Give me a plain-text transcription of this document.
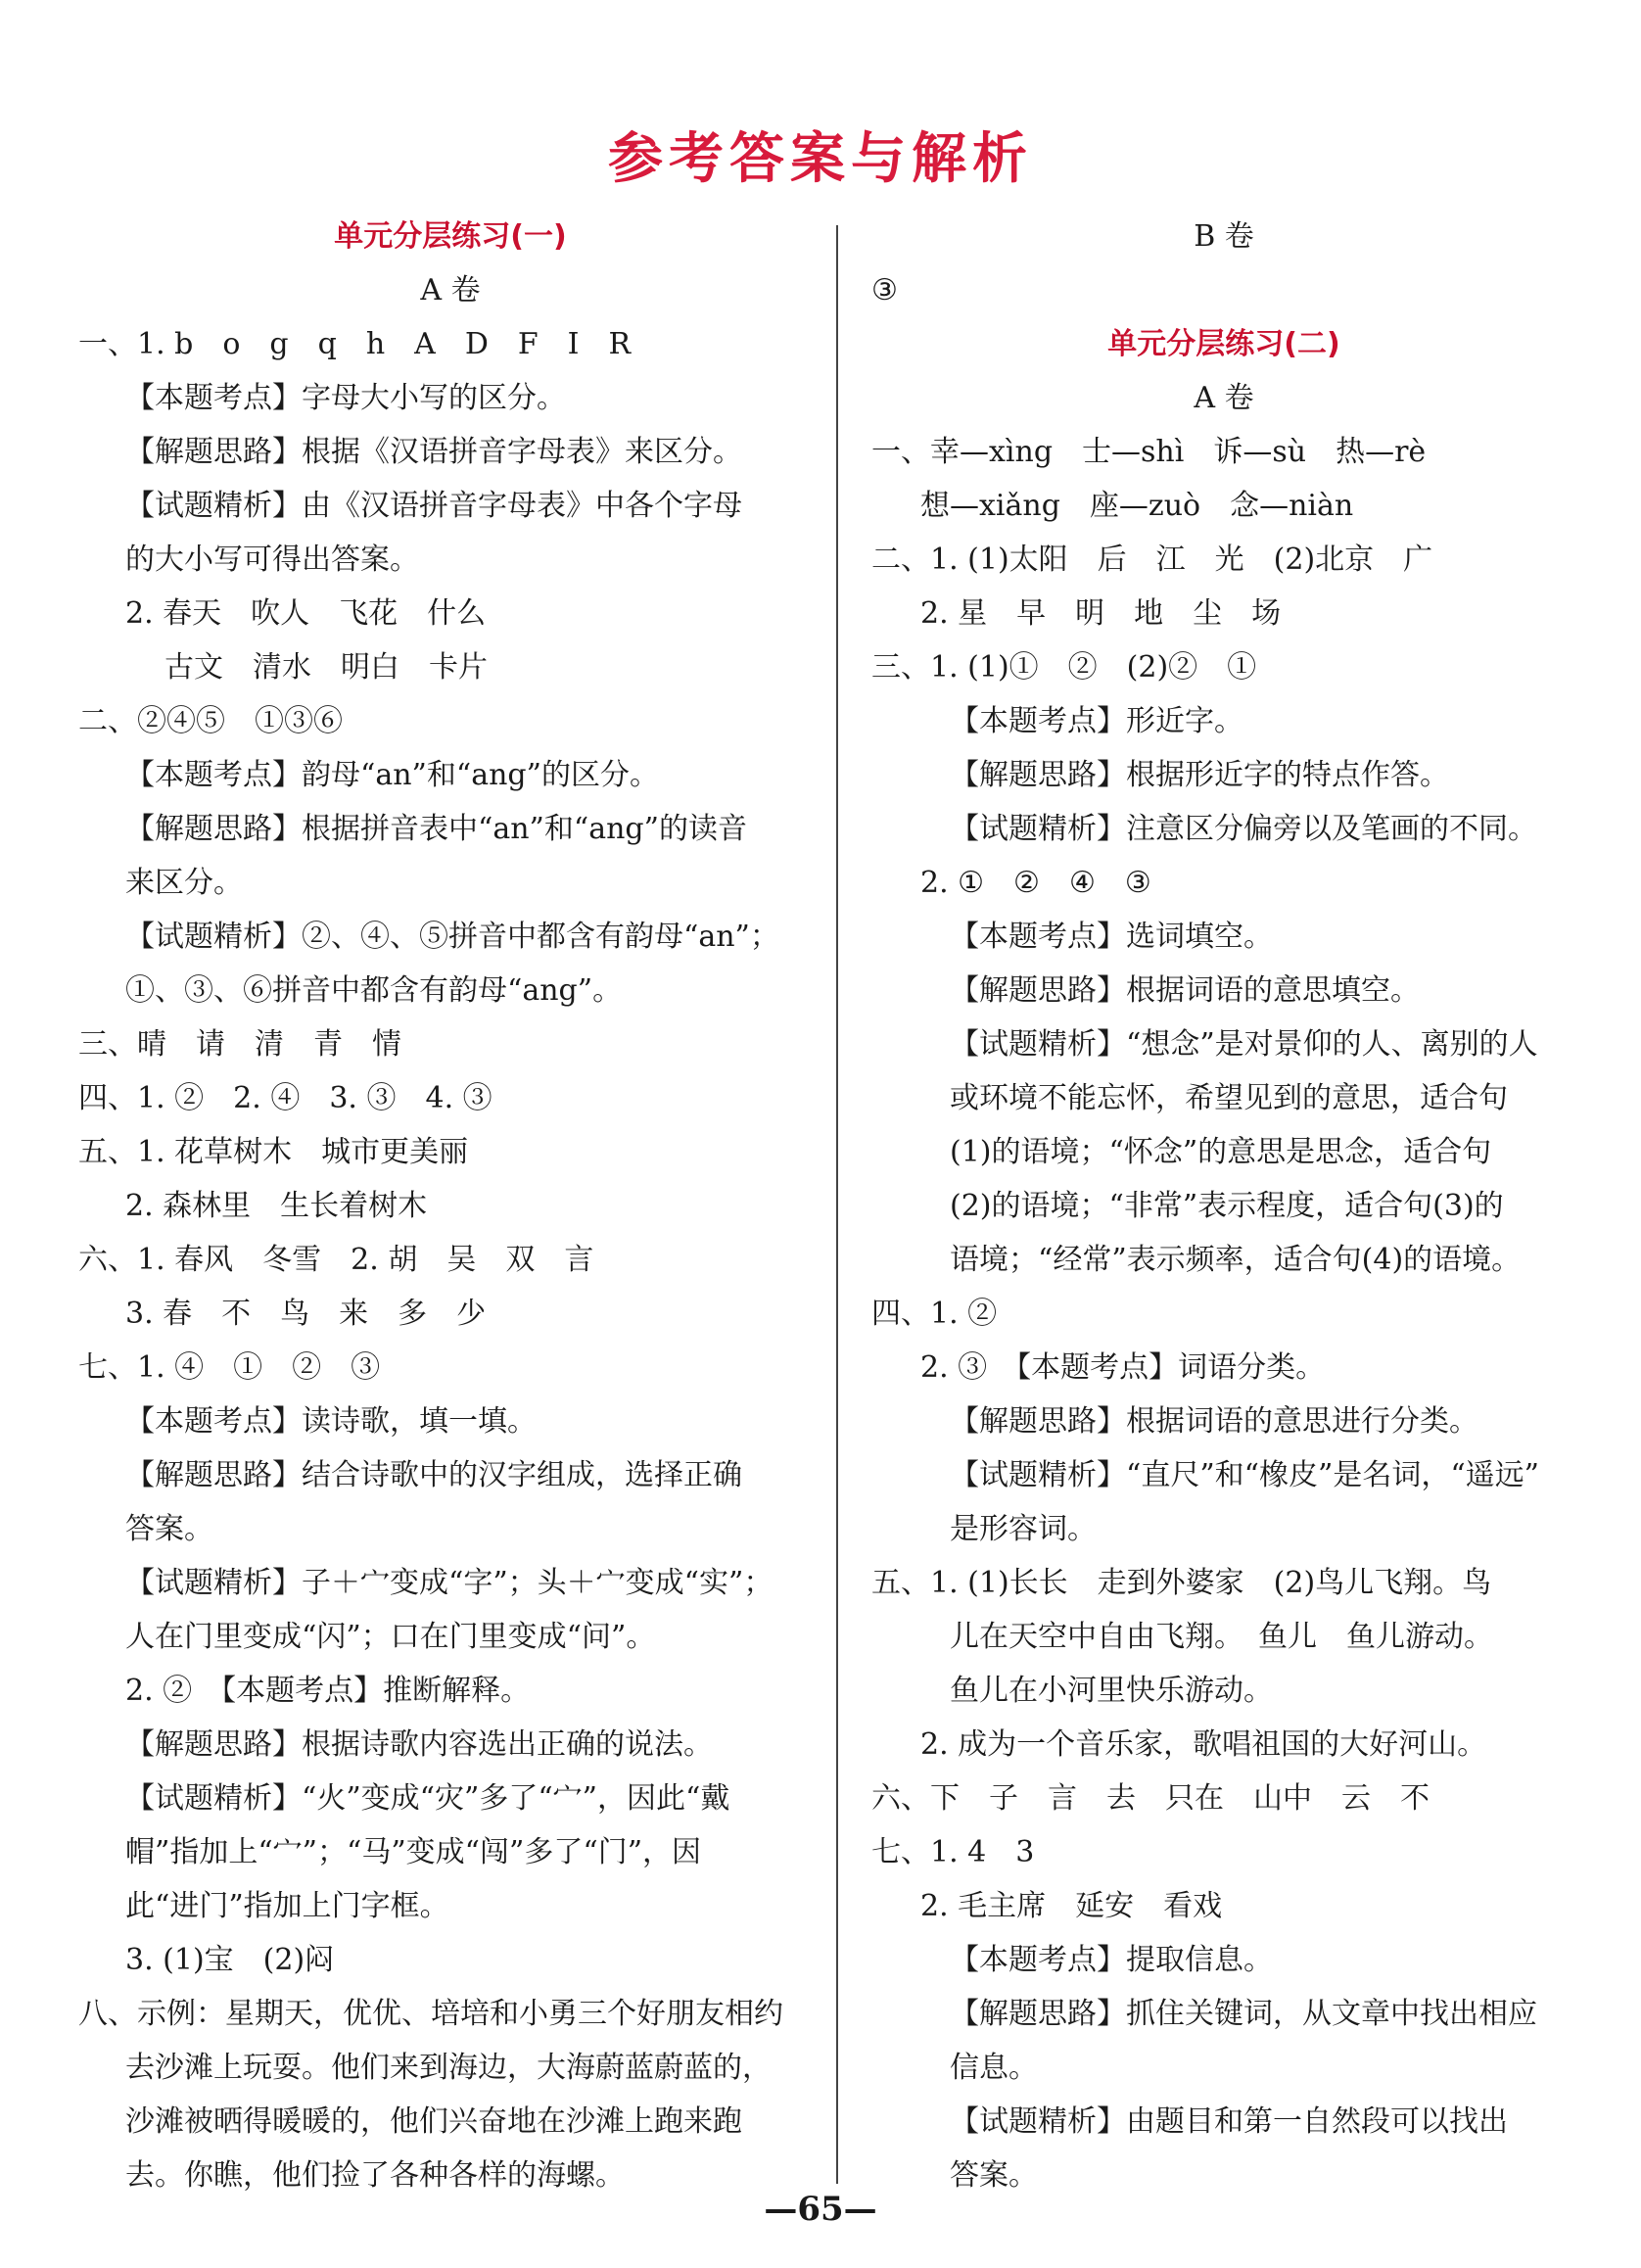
参考答案与解析
单元分层练习(一)
A 卷
一、1. b　o　g　q　h　A　D　F　I　R
【本题考点】字母大小写的区分。
【解题思路】根据《汉语拼音字母表》来区分。
【试题精析】由《汉语拼音字母表》中各个字母
的大小写可得出答案。
2. 春天　吹人　飞花　什么
古文　清水　明白　卡片
二、②④⑤　①③⑥
【本题考点】韵母“an”和“ang”的区分。
【解题思路】根据拼音表中“an”和“ang”的读音
来区分。
【试题精析】②、④、⑤拼音中都含有韵母“an”；
①、③、⑥拼音中都含有韵母“ang”。
三、晴　请　清　青　情
四、1. ②　2. ④　3. ③　4. ③
五、1. 花草树木　城市更美丽
2. 森林里　生长着树木
六、1. 春风　冬雪　2. 胡　吴　双　言
3. 春　不　鸟　来　多　少
七、1. ④　①　②　③
【本题考点】读诗歌，填一填。
【解题思路】结合诗歌中的汉字组成，选择正确
答案。
【试题精析】子＋宀变成“字”；头＋宀变成“实”；
人在门里变成“闪”；口在门里变成“问”。
2. ②　【本题考点】推断解释。
【解题思路】根据诗歌内容选出正确的说法。
【试题精析】“火”变成“灾”多了“宀”，因此“戴
帽”指加上“宀”；“马”变成“闯”多了“门”，因
此“进门”指加上门字框。
3. (1)宝　(2)闷
八、示例：星期天，优优、培培和小勇三个好朋友相约
去沙滩上玩耍。他们来到海边，大海蔚蓝蔚蓝的，
沙滩被晒得暖暖的，他们兴奋地在沙滩上跑来跑
去。你瞧，他们捡了各种各样的海螺。
B 卷
③
单元分层练习(二)
A 卷
一、幸—xìng　士—shì　诉—sù　热—rè
想—xiǎng　座—zuò　念—niàn
二、1. (1)太阳　后　江　光　(2)北京　广
2. 星　早　明　地　尘　场
三、1. (1)①　②　(2)②　①
【本题考点】形近字。
【解题思路】根据形近字的特点作答。
【试题精析】注意区分偏旁以及笔画的不同。
2. ①　②　④　③
【本题考点】选词填空。
【解题思路】根据词语的意思填空。
【试题精析】“想念”是对景仰的人、离别的人
或环境不能忘怀，希望见到的意思，适合句
(1)的语境；“怀念”的意思是思念，适合句
(2)的语境；“非常”表示程度，适合句(3)的
语境；“经常”表示频率，适合句(4)的语境。
四、1. ②
2. ③　【本题考点】词语分类。
【解题思路】根据词语的意思进行分类。
【试题精析】“直尺”和“橡皮”是名词，“遥远”
是形容词。
五、1. (1)长长　走到外婆家　(2)鸟儿飞翔。鸟
儿在天空中自由飞翔。　鱼儿　鱼儿游动。
鱼儿在小河里快乐游动。
2. 成为一个音乐家，歌唱祖国的大好河山。
六、下　子　言　去　只在　山中　云　不
七、1. 4　3
2. 毛主席　延安　看戏
【本题考点】提取信息。
【解题思路】抓住关键词，从文章中找出相应
信息。
【试题精析】由题目和第一自然段可以找出
答案。
—65—
